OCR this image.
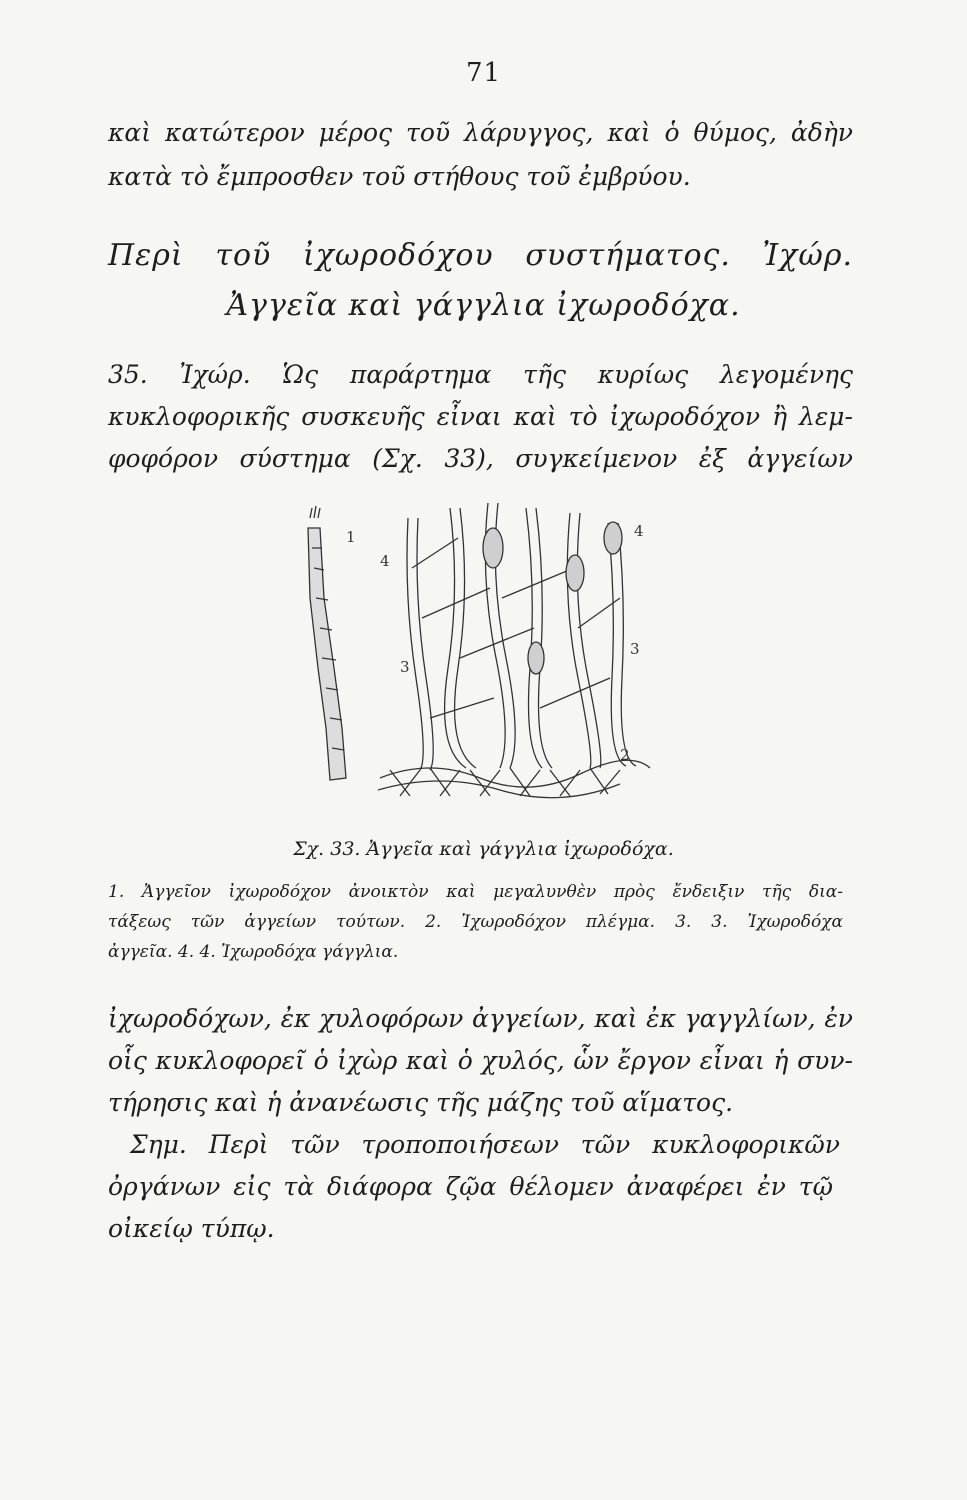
71
καὶ κατώτερον μέρος τοῦ λάρυγγος, καὶ ὁ θύμος, ἀδὴν
κατὰ τὸ ἔμπροσθεν τοῦ στήθους τοῦ ἐμβρύου.
Περὶ τοῦ ἰχωροδόχου συστήματος. Ἰχώρ.
Ἀγγεῖα καὶ γάγγλια ἰχωροδόχα.
35. Ἰχώρ. Ὡς παράρτημα τῆς κυρίως λεγομένης
κυκλοφορικῆς συσκευῆς εἶναι καὶ τὸ ἰχωροδόχον ἢ λεμ-
φοφόρον σύστημα (Σχ. 33), συγκείμενον ἐξ ἀγγείων
1
2
3
3
4
4
Σχ. 33. Ἀγγεῖα καὶ γάγγλια ἰχωροδόχα.
1. Ἀγγεῖον ἰχωροδόχον ἀνοικτὸν καὶ μεγαλυνθὲν πρὸς ἔνδειξιν τῆς δια-
τάξεως τῶν ἀγγείων τούτων. 2. Ἰχωροδόχον πλέγμα. 3. 3. Ἰχωροδόχα
ἀγγεῖα. 4. 4. Ἰχωροδόχα γάγγλια.
ἰχωροδόχων, ἐκ χυλοφόρων ἀγγείων, καὶ ἐκ γαγγλίων, ἐν
οἷς κυκλοφορεῖ ὁ ἰχὼρ καὶ ὁ χυλός, ὧν ἔργον εἶναι ἡ συν-
τήρησις καὶ ἡ ἀνανέωσις τῆς μάζης τοῦ αἵματος.
Σημ. Περὶ τῶν τροποποιήσεων τῶν κυκλοφορικῶν
ὀργάνων εἰς τὰ διάφορα ζῷα θέλομεν ἀναφέρει ἐν τῷ
οἰκείῳ τύπῳ.
